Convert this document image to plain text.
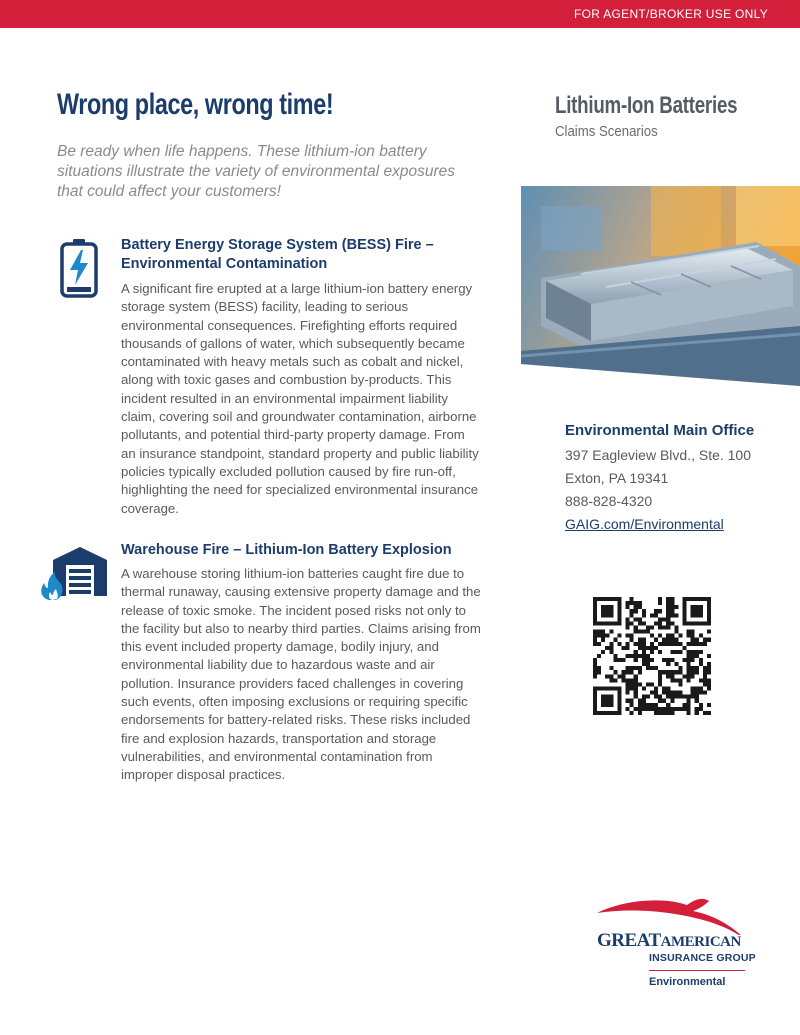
FOR AGENT/BROKER USE ONLY
Wrong place, wrong time!

Be ready when life happens. These lithium-ion battery situations illustrate the variety of environmental exposures that could affect your customers!

Battery Energy Storage System (BESS) Fire – Environmental Contamination
A significant fire erupted at a large lithium-ion battery energy storage system (BESS) facility, leading to serious environmental consequences. Firefighting efforts required thousands of gallons of water, which subsequently became contaminated with heavy metals such as cobalt and nickel, along with toxic gases and combustion by-products. This incident resulted in an environmental impairment liability claim, covering soil and groundwater contamination, airborne pollutants, and potential third-party property damage. From an insurance standpoint, standard property and public liability policies typically excluded pollution caused by fire run-off, highlighting the need for specialized environmental insurance coverage.
Warehouse Fire – Lithium-Ion Battery Explosion
A warehouse storing lithium-ion batteries caught fire due to thermal runaway, causing extensive property damage and the release of toxic smoke. The incident posed risks not only to the facility but also to nearby third parties. Claims arising from this event included property damage, bodily injury, and environmental liability due to hazardous waste and air pollution. Insurance providers faced challenges in covering such events, often imposing exclusions or requiring specific endorsements for battery-related risks. These risks included fire and explosion hazards, transportation and storage vulnerabilities, and environmental contamination from improper disposal practices.
Lithium-Ion Batteries
Claims Scenarios
Environmental Main Office
397 Eagleview Blvd., Ste. 100
Exton, PA 19341
888-828-4320
GAIG.com/Environmental
GREATAMERICAN
INSURANCE GROUP
Environmental
